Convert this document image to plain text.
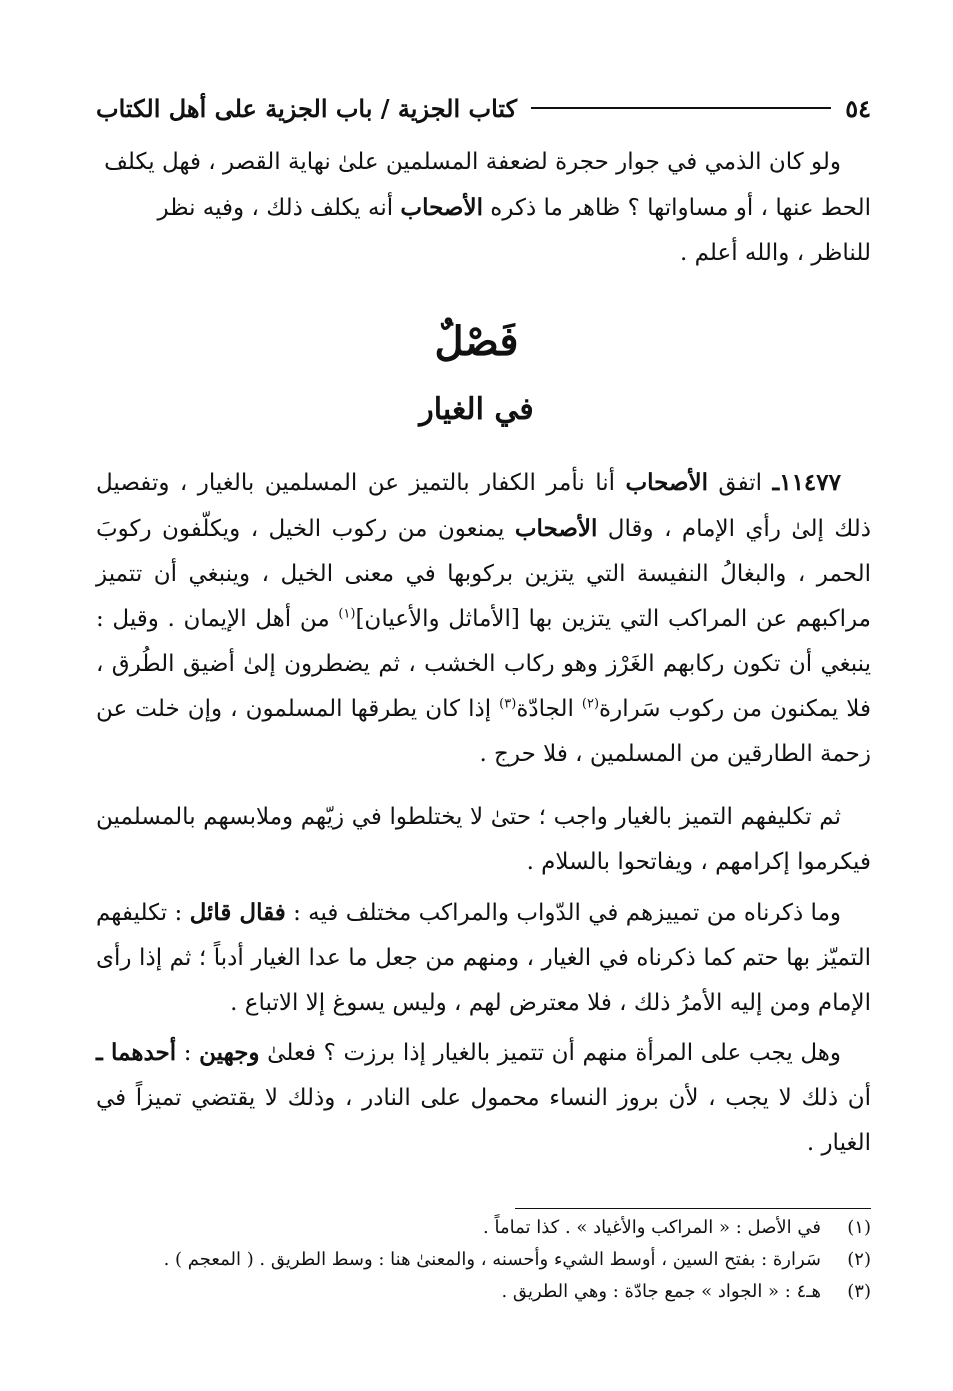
٥٤
كتاب الجزية / باب الجزية على أهل الكتاب
ولو كان الذمي في جوار حجرة لضعفة المسلمين علىٰ نهاية القصر ، فهل يكلف
الحط عنها ، أو مساواتها ؟ ظاهر ما ذكره الأصحاب أنه يكلف ذلك ، وفيه نظر
للناظر ، والله أعلم .
فَصْلٌ
في الغيار
١١٤٧٧ـ اتفق الأصحاب أنا نأمر الكفار بالتميز عن المسلمين بالغيار ، وتفصيل ذلك إلىٰ رأي الإمام ، وقال الأصحاب يمنعون من ركوب الخيل ، ويكلّفون ركوبَ الحمر ، والبغالُ النفيسة التي يتزين بركوبها في معنى الخيل ، وينبغي أن تتميز مراكبهم عن المراكب التي يتزين بها [الأماثل والأعيان]$^{(١)}$ من أهل الإيمان . وقيل : ينبغي أن تكون ركابهم الغَرْز وهو ركاب الخشب ، ثم يضطرون إلىٰ أضيق الطُرق ، فلا يمكنون من ركوب سَرارة$^{(٢)}$ الجادّة$^{(٣)}$ إذا كان يطرقها المسلمون ، وإن خلت عن زحمة الطارقين من المسلمين ، فلا حرج .
ثم تكليفهم التميز بالغيار واجب ؛ حتىٰ لا يختلطوا في زيّهم وملابسهم بالمسلمين فيكرموا إكرامهم ، ويفاتحوا بالسلام .
وما ذكرناه من تمييزهم في الدّواب والمراكب مختلف فيه : فقال قائل : تكليفهم التميّز بها حتم كما ذكرناه في الغيار ، ومنهم من جعل ما عدا الغيار أدباً ؛ ثم إذا رأى الإمام ومن إليه الأمرُ ذلك ، فلا معترض لهم ، وليس يسوغ إلا الاتباع .
وهل يجب على المرأة منهم أن تتميز بالغيار إذا برزت ؟ فعلىٰ وجهين : أحدهما ـ أن ذلك لا يجب ، لأن بروز النساء محمول على النادر ، وذلك لا يقتضي تميزاً في الغيار .
(١)
في الأصل : « المراكب والأغياد » . كذا تماماً .
(٢)
سَرارة : بفتح السين ، أوسط الشيء وأحسنه ، والمعنىٰ هنا : وسط الطريق . ( المعجم ) .
(٣)
هـ٤ : « الجواد » جمع جادّة : وهي الطريق .
